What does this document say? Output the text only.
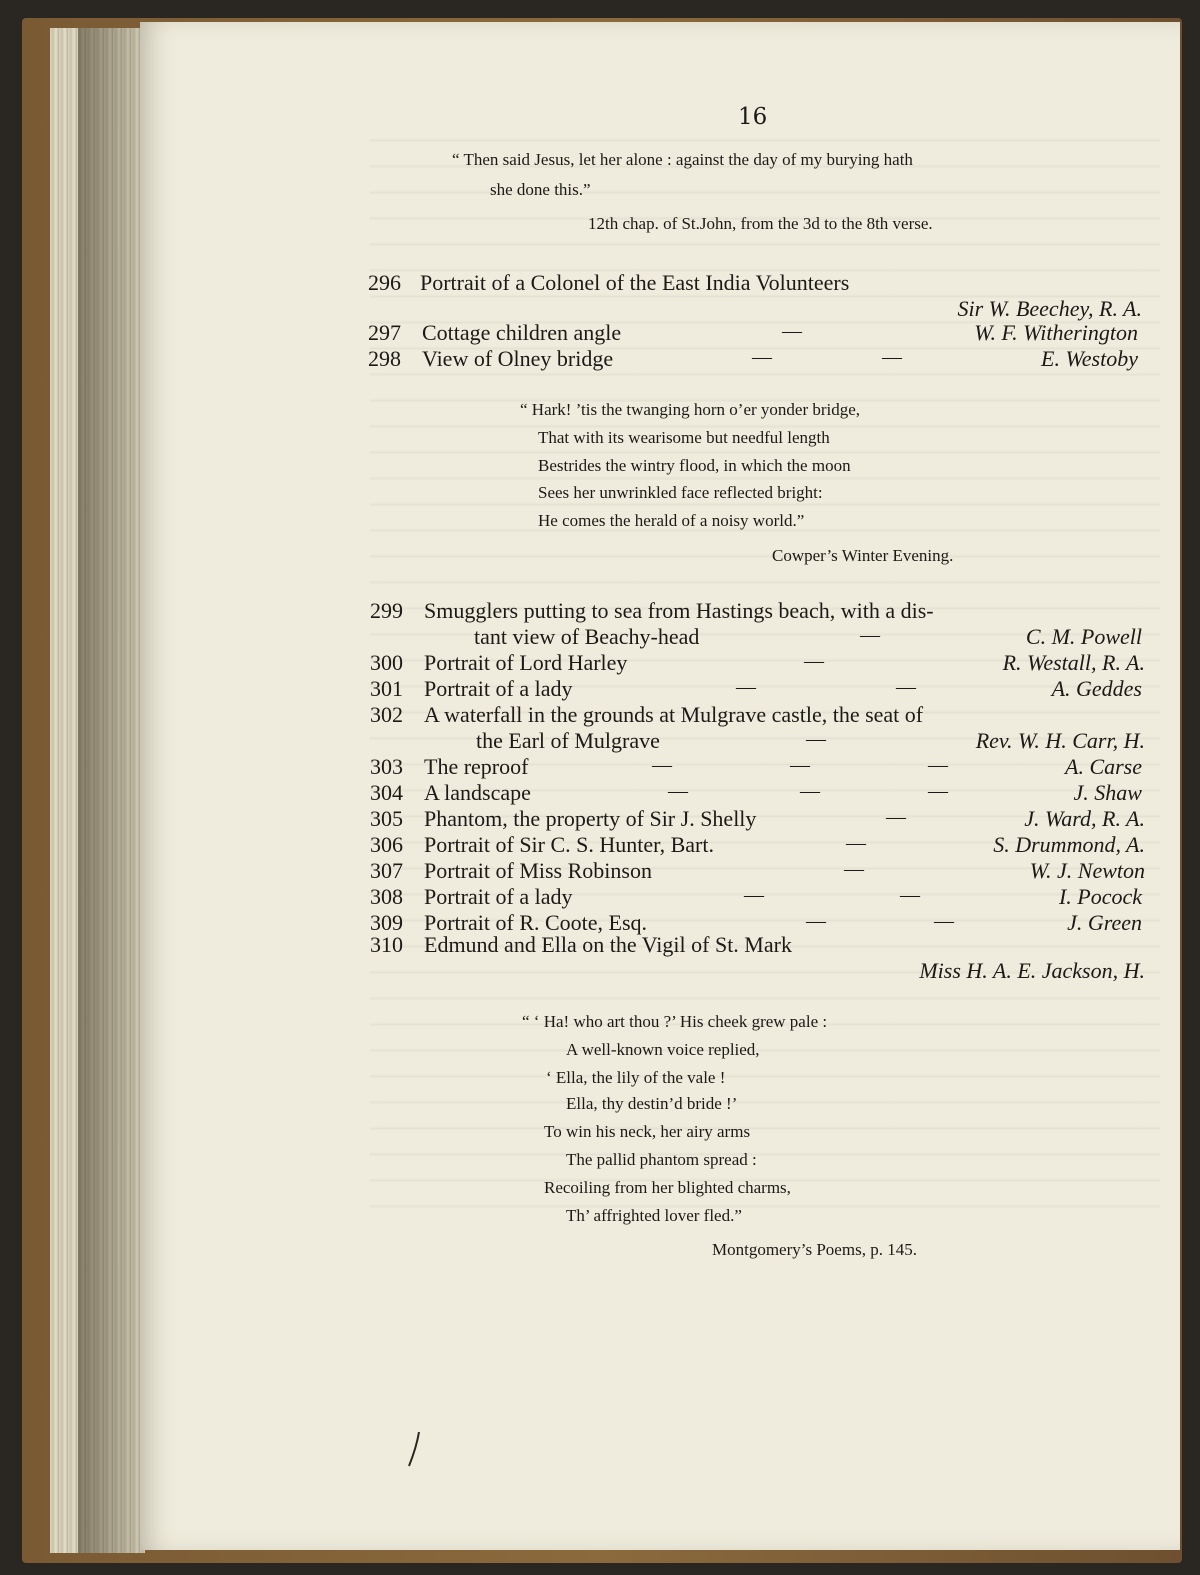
16
“ Then said Jesus, let her alone : against the day of my burying hath
she done this.”
12th chap. of St.John, from the 3d to the 8th verse.
296 Portrait of a Colonel of the East India Volunteers
Sir W. Beechey, R. A.
297 Cottage children angle	—	W. F. Witherington
298 View of Olney bridge	—	—	E. Westoby
“ Hark! ’tis the twanging horn o’er yonder bridge,
That with its wearisome but needful length
Bestrides the wintry flood, in which the moon
Sees her unwrinkled face reflected bright:
He comes the herald of a noisy world.”
Cowper’s Winter Evening.
299 Smugglers putting to sea from Hastings beach, with a dis-
tant view of Beachy-head	—	C. M. Powell
300 Portrait of Lord Harley	—	R. Westall, R. A.
301 Portrait of a lady	—	—	A. Geddes
302 A waterfall in the grounds at Mulgrave castle, the seat of
the Earl of Mulgrave	—	Rev. W. H. Carr, H.
303 The reproof	—	—	—	A. Carse
304 A landscape	—	—	—	J. Shaw
305 Phantom, the property of Sir J. Shelly	—	J. Ward, R. A.
306 Portrait of Sir C. S. Hunter, Bart.	—	S. Drummond, A.
307 Portrait of Miss Robinson	—	W. J. Newton
308 Portrait of a lady	—	—	I. Pocock
309 Portrait of R. Coote, Esq.	—	—	J. Green
310 Edmund and Ella on the Vigil of St. Mark
Miss H. A. E. Jackson, H.
“ ‘ Ha! who art thou ?’ His cheek grew pale :
A well-known voice replied,
‘ Ella, the lily of the vale !
Ella, thy destin’d bride !’
To win his neck, her airy arms
The pallid phantom spread :
Recoiling from her blighted charms,
Th’ affrighted lover fled.”
Montgomery’s Poems, p. 145.
